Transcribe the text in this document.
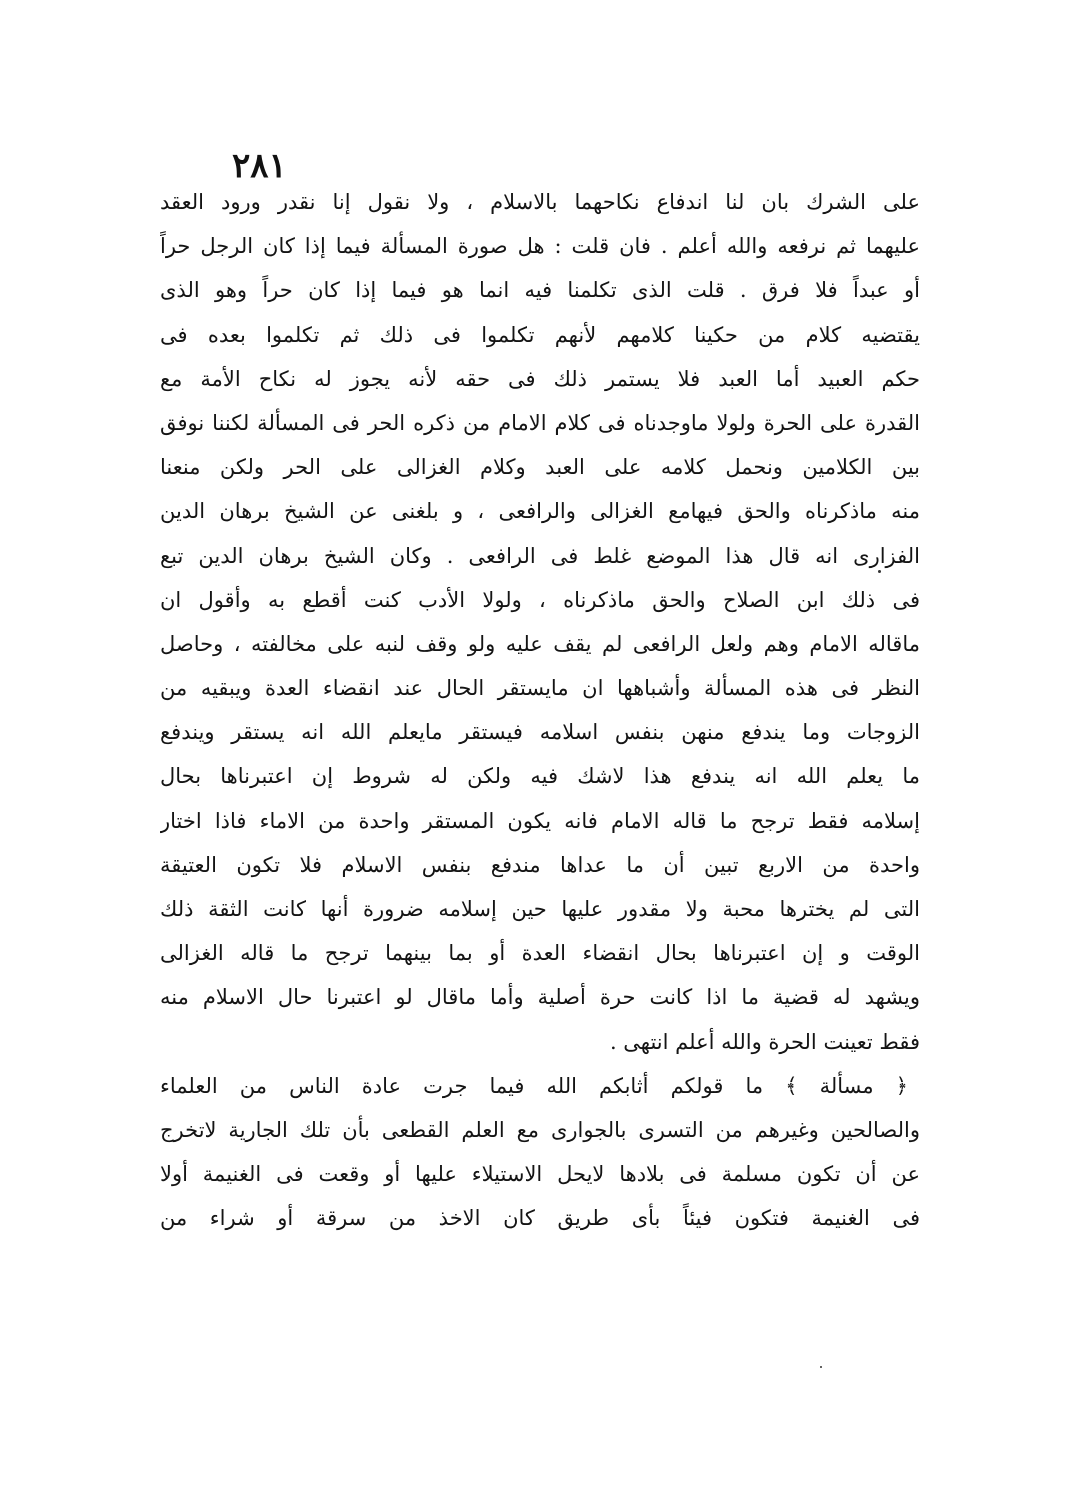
٢٨١
على الشرك بان لنا اندفاع نكاحهما بالاسلام ، ولا نقول إنا نقدر ورود العقد
عليهما ثم نرفعه والله أعلم . فان قلت : هل صورة المسألة فيما إذا كان الرجل حراً
أو عبداً فلا فرق . قلت الذى تكلمنا فيه انما هو فيما إذا كان حراً وهو الذى
يقتضيه كلام من حكينا كلامهم لأنهم تكلموا فى ذلك ثم تكلموا بعده فى
حكم العبيد أما العبد فلا يستمر ذلك فى حقه لأنه يجوز له نكاح الأمة مع
القدرة على الحرة ولولا ماوجدناه فى كلام الامام من ذكره الحر فى المسألة لكننا نوفق
بين الكلامين ونحمل كلامه على العبد وكلام الغزالى على الحر ولكن منعنا
منه ماذكرناه والحق فيهامع الغزالى والرافعى ، و بلغنى عن الشيخ برهان الدين
الفزارى انه قال هذا الموضع غلط فى الرافعى . وكان الشيخ برهان الدين تبع
فى ذلك ابن الصلاح والحق ماذكرناه ، ولولا الأدب كنت أقطع به وأقول ان
ماقاله الامام وهم ولعل الرافعى لم يقف عليه ولو وقف لنبه على مخالفته ، وحاصل
النظر فى هذه المسألة وأشباهها ان مايستقر الحال عند انقضاء العدة ويبقيه من
الزوجات وما يندفع منهن بنفس اسلامه فيستقر مايعلم الله انه يستقر ويندفع
ما يعلم الله انه يندفع هذا لاشك فيه ولكن له شروط إن اعتبرناها بحال
إسلامه فقط ترجح ما قاله الامام فانه يكون المستقر واحدة من الاماء فاذا اختار
واحدة من الاربع تبين أن ما عداها مندفع بنفس الاسلام فلا تكون العتيقة
التى لم يخترها محبة ولا مقدور عليها حين إسلامه ضرورة أنها كانت الثقة ذلك
الوقت و إن اعتبرناها بحال انقضاء العدة أو بما بينهما ترجح ما قاله الغزالى
ويشهد له قضية ما اذا كانت حرة أصلية وأما ماقال لو اعتبرنا حال الاسلام منه
فقط تعينت الحرة والله أعلم انتهى .
﴿ مسألة ﴾ ما قولكم أثابكم الله فيما جرت عادة الناس من العلماء
والصالحين وغيرهم من التسرى بالجوارى مع العلم القطعى بأن تلك الجارية لاتخرج
عن أن تكون مسلمة فى بلادها لايحل الاستيلاء عليها أو وقعت فى الغنيمة أولا
فى الغنيمة فتكون فيئاً بأى طريق كان الاخذ من سرقة أو شراء من
